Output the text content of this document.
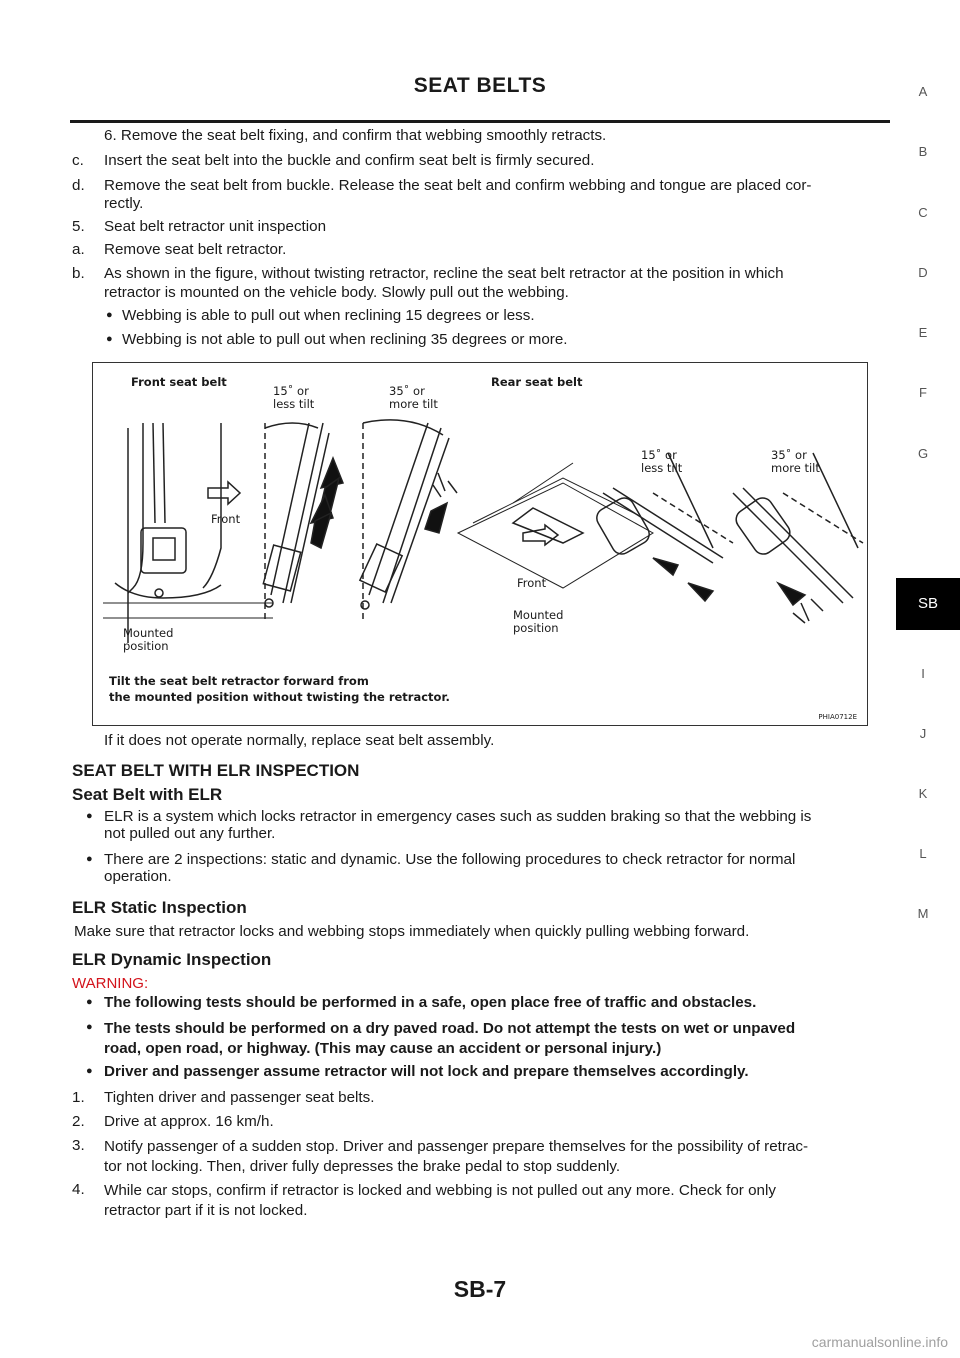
SEAT BELTS	A
B
C
D
E
F
G
I
J
K
L
M
SB
6. Remove the seat belt fixing, and confirm that webbing smoothly retracts.
c. Insert the seat belt into the buckle and confirm seat belt is firmly secured.
d. Remove the seat belt from buckle. Release the seat belt and confirm webbing and tongue are placed cor-
rectly.
5. Seat belt retractor unit inspection
a. Remove seat belt retractor.
b. As shown in the figure, without twisting retractor, recline the seat belt retractor at the position in which
retractor is mounted on the vehicle body. Slowly pull out the webbing.
● Webbing is able to pull out when reclining 15 degrees or less.
● Webbing is not able to pull out when reclining 35 degrees or more.
Front seat belt	Rear seat belt
15˚ or
less tilt
35˚ or
more tilt
15˚ or
less tilt
35˚ or
more tilt
Front
Front
Mounted
position
Mounted
position
Tilt the seat belt retractor forward from
the mounted position without twisting the retractor.
PHIA0712E
If it does not operate normally, replace seat belt assembly.
SEAT BELT WITH ELR INSPECTION
Seat Belt with ELR
● ELR is a system which locks retractor in emergency cases such as sudden braking so that the webbing is
not pulled out any further.
● There are 2 inspections: static and dynamic. Use the following procedures to check retractor for normal
operation.
ELR Static Inspection
Make sure that retractor locks and webbing stops immediately when quickly pulling webbing forward.
ELR Dynamic Inspection
WARNING:
● The following tests should be performed in a safe, open place free of traffic and obstacles.
● The tests should be performed on a dry paved road. Do not attempt the tests on wet or unpaved
road, open road, or highway. (This may cause an accident or personal injury.)
● Driver and passenger assume retractor will not lock and prepare themselves accordingly.
1. Tighten driver and passenger seat belts.
2. Drive at approx. 16 km/h.
3. Notify passenger of a sudden stop. Driver and passenger prepare themselves for the possibility of retrac-
tor not locking. Then, driver fully depresses the brake pedal to stop suddenly.
4. While car stops, confirm if retractor is locked and webbing is not pulled out any more. Check for only
retractor part if it is not locked.
SB-7
carmanualsonline.info
